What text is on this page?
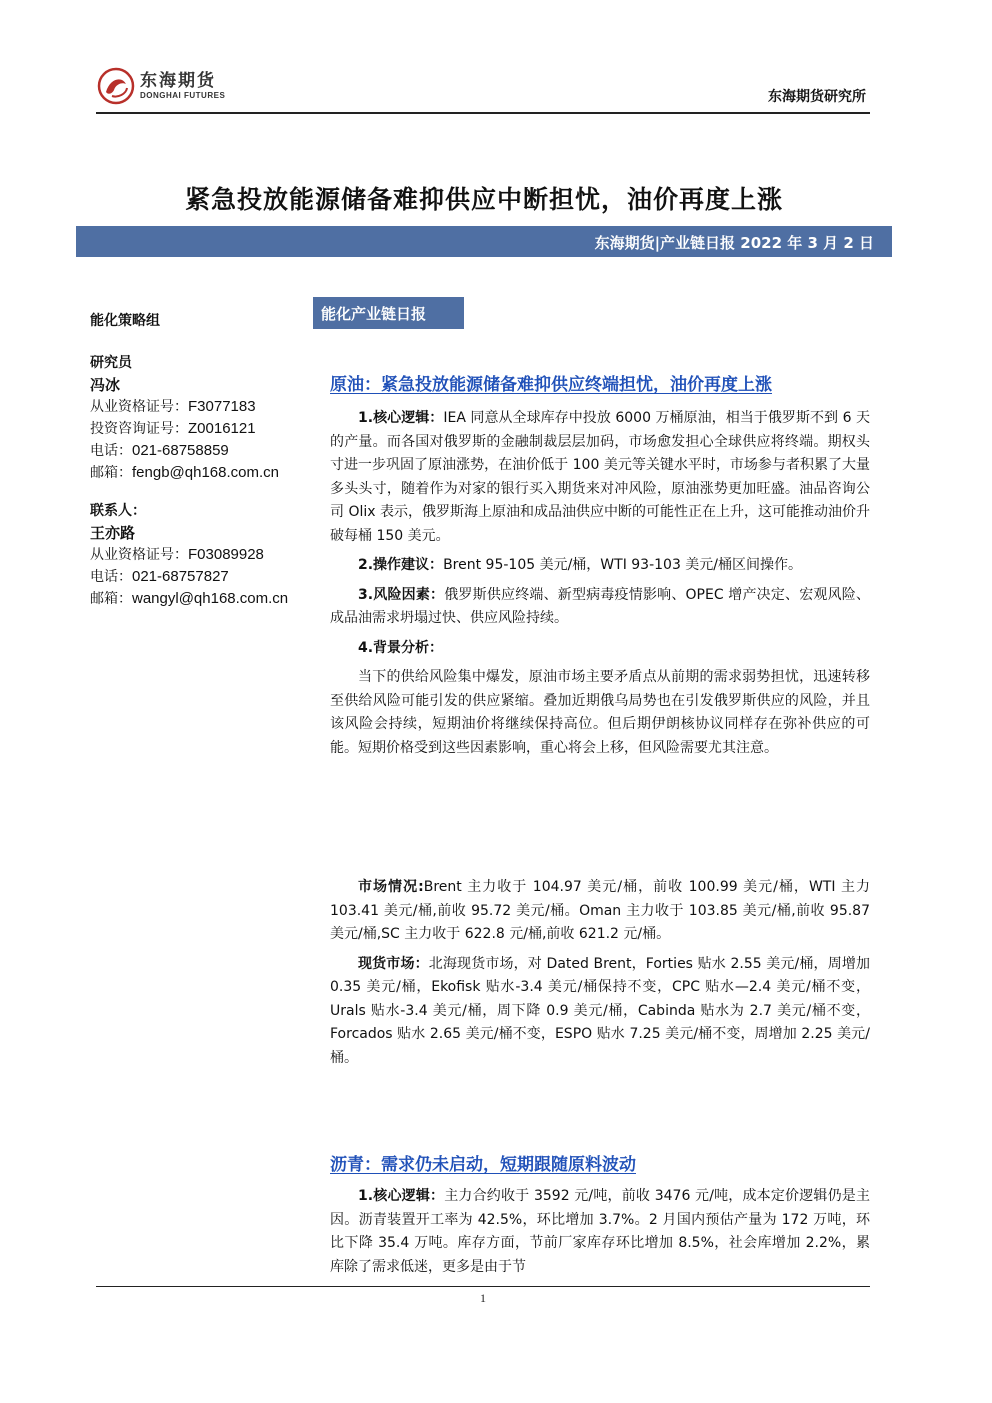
东海期货
DONGHAI FUTURES	东海期货研究所
紧急投放能源储备难抑供应中断担忧，油价再度上涨
东海期货|产业链日报 2022 年 3 月 2 日
能化策略组
研究员
冯冰
从业资格证号：F3077183
投资咨询证号：Z0016121
电话：021-68758859
邮箱：fengb@qh168.com.cn
联系人：
王亦路
从业资格证号：F03089928
电话：021-68757827
邮箱：wangyl@qh168.com.cn
能化产业链日报
原油：紧急投放能源储备难抑供应终端担忧，油价再度上涨

1.核心逻辑：IEA 同意从全球库存中投放 6000 万桶原油，相当于俄罗斯不到 6 天的产量。而各国对俄罗斯的金融制裁层层加码，市场愈发担心全球供应将终端。期权头寸进一步巩固了原油涨势，在油价低于 100 美元等关键水平时，市场参与者积累了大量多头头寸，随着作为对家的银行买入期货来对冲风险，原油涨势更加旺盛。油品咨询公司 Olix 表示，俄罗斯海上原油和成品油供应中断的可能性正在上升，这可能推动油价升破每桶 150 美元。

2.操作建议：Brent 95-105 美元/桶，WTI 93-103 美元/桶区间操作。

3.风险因素：俄罗斯供应终端、新型病毒疫情影响、OPEC 增产决定、宏观风险、成品油需求坍塌过快、供应风险持续。

4.背景分析：

当下的供给风险集中爆发，原油市场主要矛盾点从前期的需求弱势担忧，迅速转移至供给风险可能引发的供应紧缩。叠加近期俄乌局势也在引发俄罗斯供应的风险，并且该风险会持续，短期油价将继续保持高位。但后期伊朗核协议同样存在弥补供应的可能。短期价格受到这些因素影响，重心将会上移，但风险需要尤其注意。

市场情况:Brent 主力收于 104.97 美元/桶，前收 100.99 美元/桶，WTI 主力 103.41 美元/桶,前收 95.72 美元/桶。Oman 主力收于 103.85 美元/桶,前收 95.87 美元/桶,SC 主力收于 622.8 元/桶,前收 621.2 元/桶。

现货市场：北海现货市场，对 Dated Brent，Forties 贴水 2.55 美元/桶，周增加 0.35 美元/桶，Ekofisk 贴水-3.4 美元/桶保持不变，CPC 贴水—2.4 美元/桶不变，Urals 贴水-3.4 美元/桶，周下降 0.9 美元/桶，Cabinda 贴水为 2.7 美元/桶不变， Forcados 贴水 2.65 美元/桶不变，ESPO 贴水 7.25 美元/桶不变，周增加 2.25 美元/桶。

沥青：需求仍未启动，短期跟随原料波动

1.核心逻辑：主力合约收于 3592 元/吨，前收 3476 元/吨，成本定价逻辑仍是主因。沥青装置开工率为 42.5%，环比增加 3.7%。2 月国内预估产量为 172 万吨，环比下降 35.4 万吨。库存方面，节前厂家库存环比增加 8.5%，社会库增加 2.2%，累库除了需求低迷，更多是由于节

1
